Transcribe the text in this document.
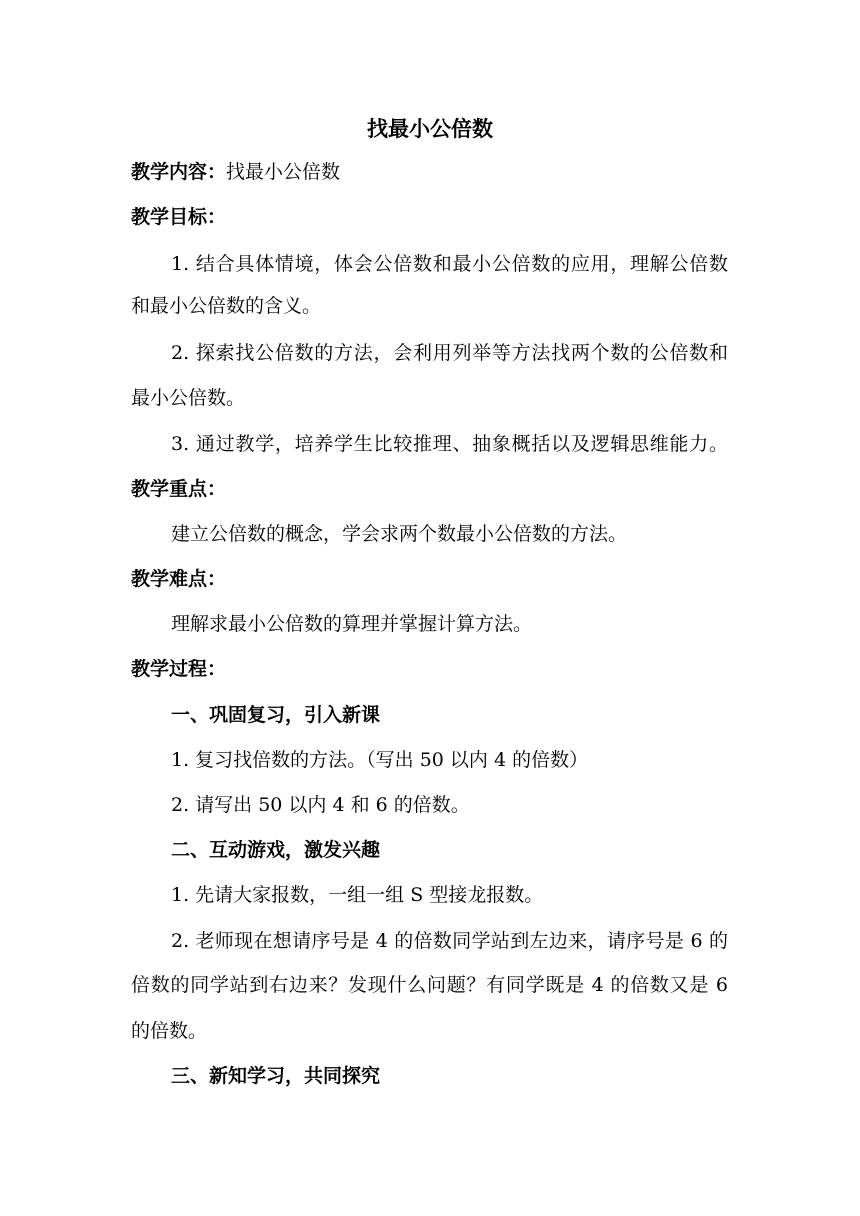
找最小公倍数
教学内容：找最小公倍数
教学目标：
1. 结合具体情境，体会公倍数和最小公倍数的应用，理解公倍数
和最小公倍数的含义。
2. 探索找公倍数的方法，会利用列举等方法找两个数的公倍数和
最小公倍数。
3. 通过教学，培养学生比较推理、抽象概括以及逻辑思维能力。
教学重点：
建立公倍数的概念，学会求两个数最小公倍数的方法。
教学难点：
理解求最小公倍数的算理并掌握计算方法。
教学过程：
一、巩固复习，引入新课
1. 复习找倍数的方法。（写出 50 以内 4 的倍数）
2. 请写出 50 以内 4 和 6 的倍数。
二、互动游戏，激发兴趣
1. 先请大家报数，一组一组 S 型接龙报数。
2. 老师现在想请序号是 4 的倍数同学站到左边来，请序号是 6 的
倍数的同学站到右边来？发现什么问题？有同学既是 4 的倍数又是 6
的倍数。
三、新知学习，共同探究
